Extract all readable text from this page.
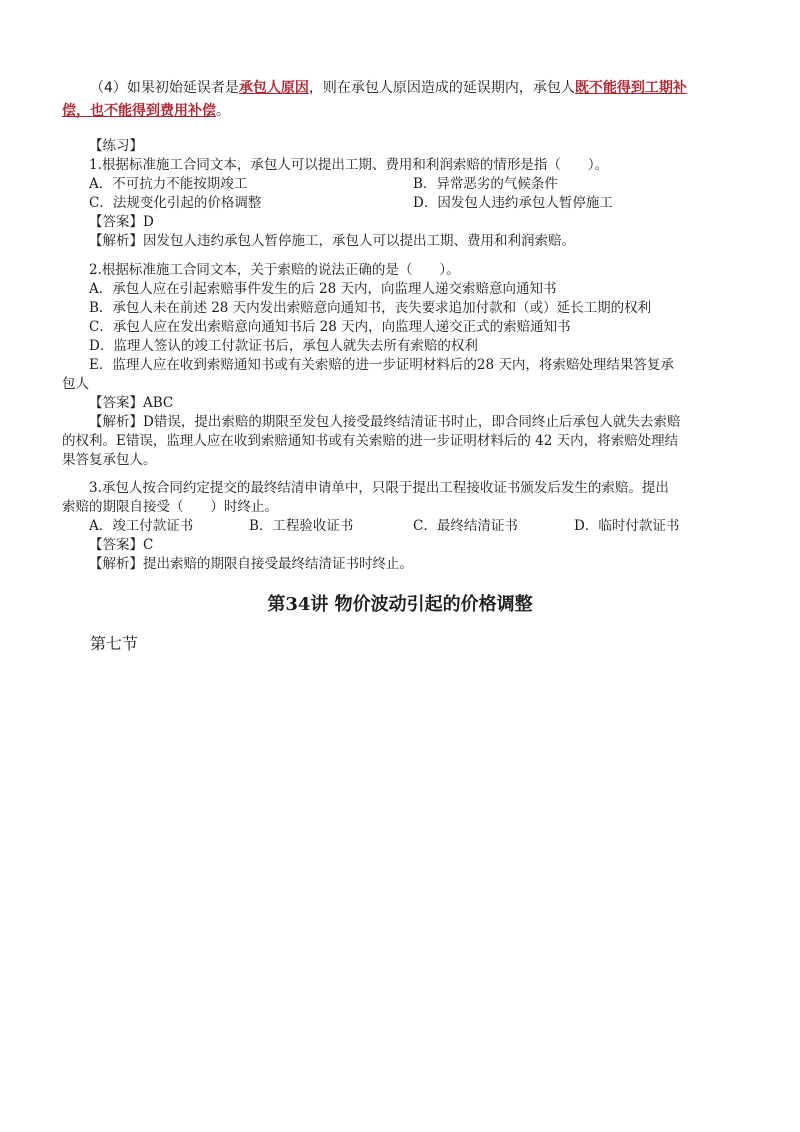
（4）如果初始延误者是承包人原因，则在承包人原因造成的延误期内，承包人既不能得到工期补
偿，也不能得到费用补偿。
【练习】
1.根据标准施工合同文本，承包人可以提出工期、费用和利润索赔的情形是指（　　）。
A．不可抗力不能按期竣工	B．异常恶劣的气候条件
C．法规变化引起的价格调整	D．因发包人违约承包人暂停施工
【答案】D
【解析】因发包人违约承包人暂停施工，承包人可以提出工期、费用和利润索赔。
2.根据标准施工合同文本，关于索赔的说法正确的是（　　）。
A．承包人应在引起索赔事件发生的后 28 天内，向监理人递交索赔意向通知书
B．承包人未在前述 28 天内发出索赔意向通知书，丧失要求追加付款和（或）延长工期的权利
C．承包人应在发出索赔意向通知书后 28 天内，向监理人递交正式的索赔通知书
D．监理人签认的竣工付款证书后，承包人就失去所有索赔的权利
E．监理人应在收到索赔通知书或有关索赔的进一步证明材料后的28 天内，将索赔处理结果答复承
包人
【答案】ABC
【解析】D错误，提出索赔的期限至发包人接受最终结清证书时止，即合同终止后承包人就失去索赔
的权利。E错误，监理人应在收到索赔通知书或有关索赔的进一步证明材料后的 42 天内，将索赔处理结
果答复承包人。
3.承包人按合同约定提交的最终结清申请单中，只限于提出工程接收证书颁发后发生的索赔。提出
索赔的期限自接受（　　）时终止。
A．竣工付款证书	B．工程验收证书	C．最终结清证书	D．临时付款证书
【答案】C
【解析】提出索赔的期限自接受最终结清证书时终止。
第34讲 物价波动引起的价格调整
第七节
